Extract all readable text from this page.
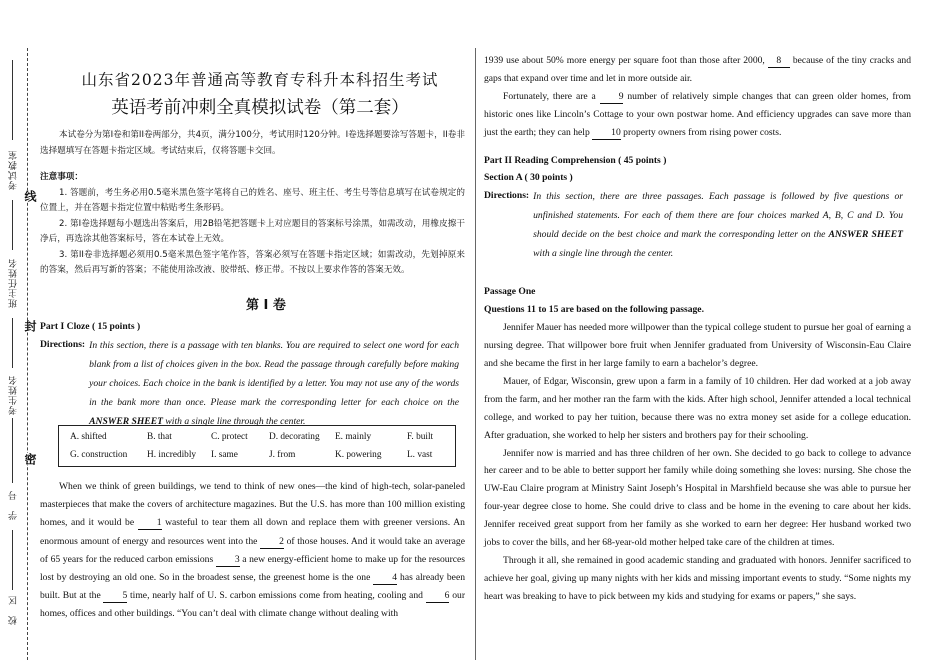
考试教室
班主任姓名
考生姓名
学　号
校　区
线
封
密
山东省2023年普通高等教育专科升本科招生考试
英语考前冲刺全真模拟试卷（第二套）

本试卷分为第I卷和第II卷两部分，共4页，满分100分，考试用时120分钟。I卷选择题要涂写答题卡，II卷非选择题填写在答题卡指定区域。考试结束后，仅将答题卡交回。

注意事项：

1. 答题前，考生务必用0.5毫米黑色签字笔将自己的姓名、座号、班主任、考生号等信息填写在试卷规定的位置上，并在答题卡指定位置中粘贴考生条形码。

2. 第I卷选择题每小题选出答案后，用2B铅笔把答题卡上对应题目的答案标号涂黑，如需改动，用橡皮擦干净后，再选涂其他答案标号，答在本试卷上无效。

3. 第II卷非选择题必须用0.5毫米黑色签字笔作答，答案必须写在答题卡指定区域；如需改动，先划掉原来的答案，然后再写新的答案；不能使用涂改液、胶带纸、修正带。不按以上要求作答的答案无效。

第 I 卷

Part I Cloze ( 15 points )

Directions: In this section, there is a passage with ten blanks. You are required to select one word for each blank from a list of choices given in the box. Read the passage through carefully before making your choices. Each choice in the bank is identified by a letter. You may not use any of the words in the bank more than once. Please mark the corresponding letter for each choice on the ANSWER SHEET with a single line through the center.
A. shifted	B. that	C. protect D. decorating E. mainly	F. built
G. construction H. incredibly I. same	J. from	K. powering	L. vast

When we think of green buildings, we tend to think of new ones—the kind of high-tech, solar-paneled masterpieces that make the covers of architecture magazines. But the U.S. has more than 100 million existing homes, and it would be 1 wasteful to tear them all down and replace them with greener versions. An enormous amount of energy and resources went into the 2 of those houses. And it would take an average of 65 years for the reduced carbon emissions 3 a new energy-efficient home to make up for the resources lost by destroying an old one. So in the broadest sense, the greenest home is the one 4 has already been built. But at the 5 time, nearly half of U. S. carbon emissions come from heating, cooling and 6 our homes, offices and other buildings. “You can’t deal with climate change without dealing with

1939 use about 50% more energy per square foot than those after 2000, 8 because of the tiny cracks and gaps that expand over time and let in more outside air.

Fortunately, there are a 9 number of relatively simple changes that can green older homes, from historic ones like Lincoln’s Cottage to your own postwar home. And efficiency upgrades can save more than just the earth; they can help 10 property owners from rising power costs.

Part II Reading Comprehension ( 45 points )

Section A ( 30 points )

Directions: In this section, there are three passages. Each passage is followed by five questions or unfinished statements. For each of them there are four choices marked A, B, C and D. You should decide on the best choice and mark the corresponding letter on the ANSWER SHEET with a single line through the center.

Passage One

Questions 11 to 15 are based on the following passage.

Jennifer Mauer has needed more willpower than the typical college student to pursue her goal of earning a nursing degree. That willpower bore fruit when Jennifer graduated from University of Wisconsin-Eau Claire and she became the first in her large family to earn a bachelor’s degree.

Mauer, of Edgar, Wisconsin, grew upon a farm in a family of 10 children. Her dad worked at a job away from the farm, and her mother ran the farm with the kids. After high school, Jennifer attended a local technical college, and worked to pay her tuition, because there was no extra money set aside for a college education. After graduation, she worked to help her sisters and brothers pay for their schooling.

Jennifer now is married and has three children of her own. She decided to go back to college to advance her career and to be able to better support her family while doing something she loves: nursing. She chose the UW-Eau Claire program at Ministry Saint Joseph’s Hospital in Marshfield because she was able to pursue her four-year degree close to home. She could drive to class and be home in the evening to care about her kids. Jennifer received great support from her family as she worked to earn her degree: Her husband worked two jobs to cover the bills, and her 68-year-old mother helped take care of the children at times.

Through it all, she remained in good academic standing and graduated with honors. Jennifer sacrificed to achieve her goal, giving up many nights with her kids and missing important events to study. “Some nights my heart was breaking to have to pick between my kids and studying for exams or papers,” she says.
